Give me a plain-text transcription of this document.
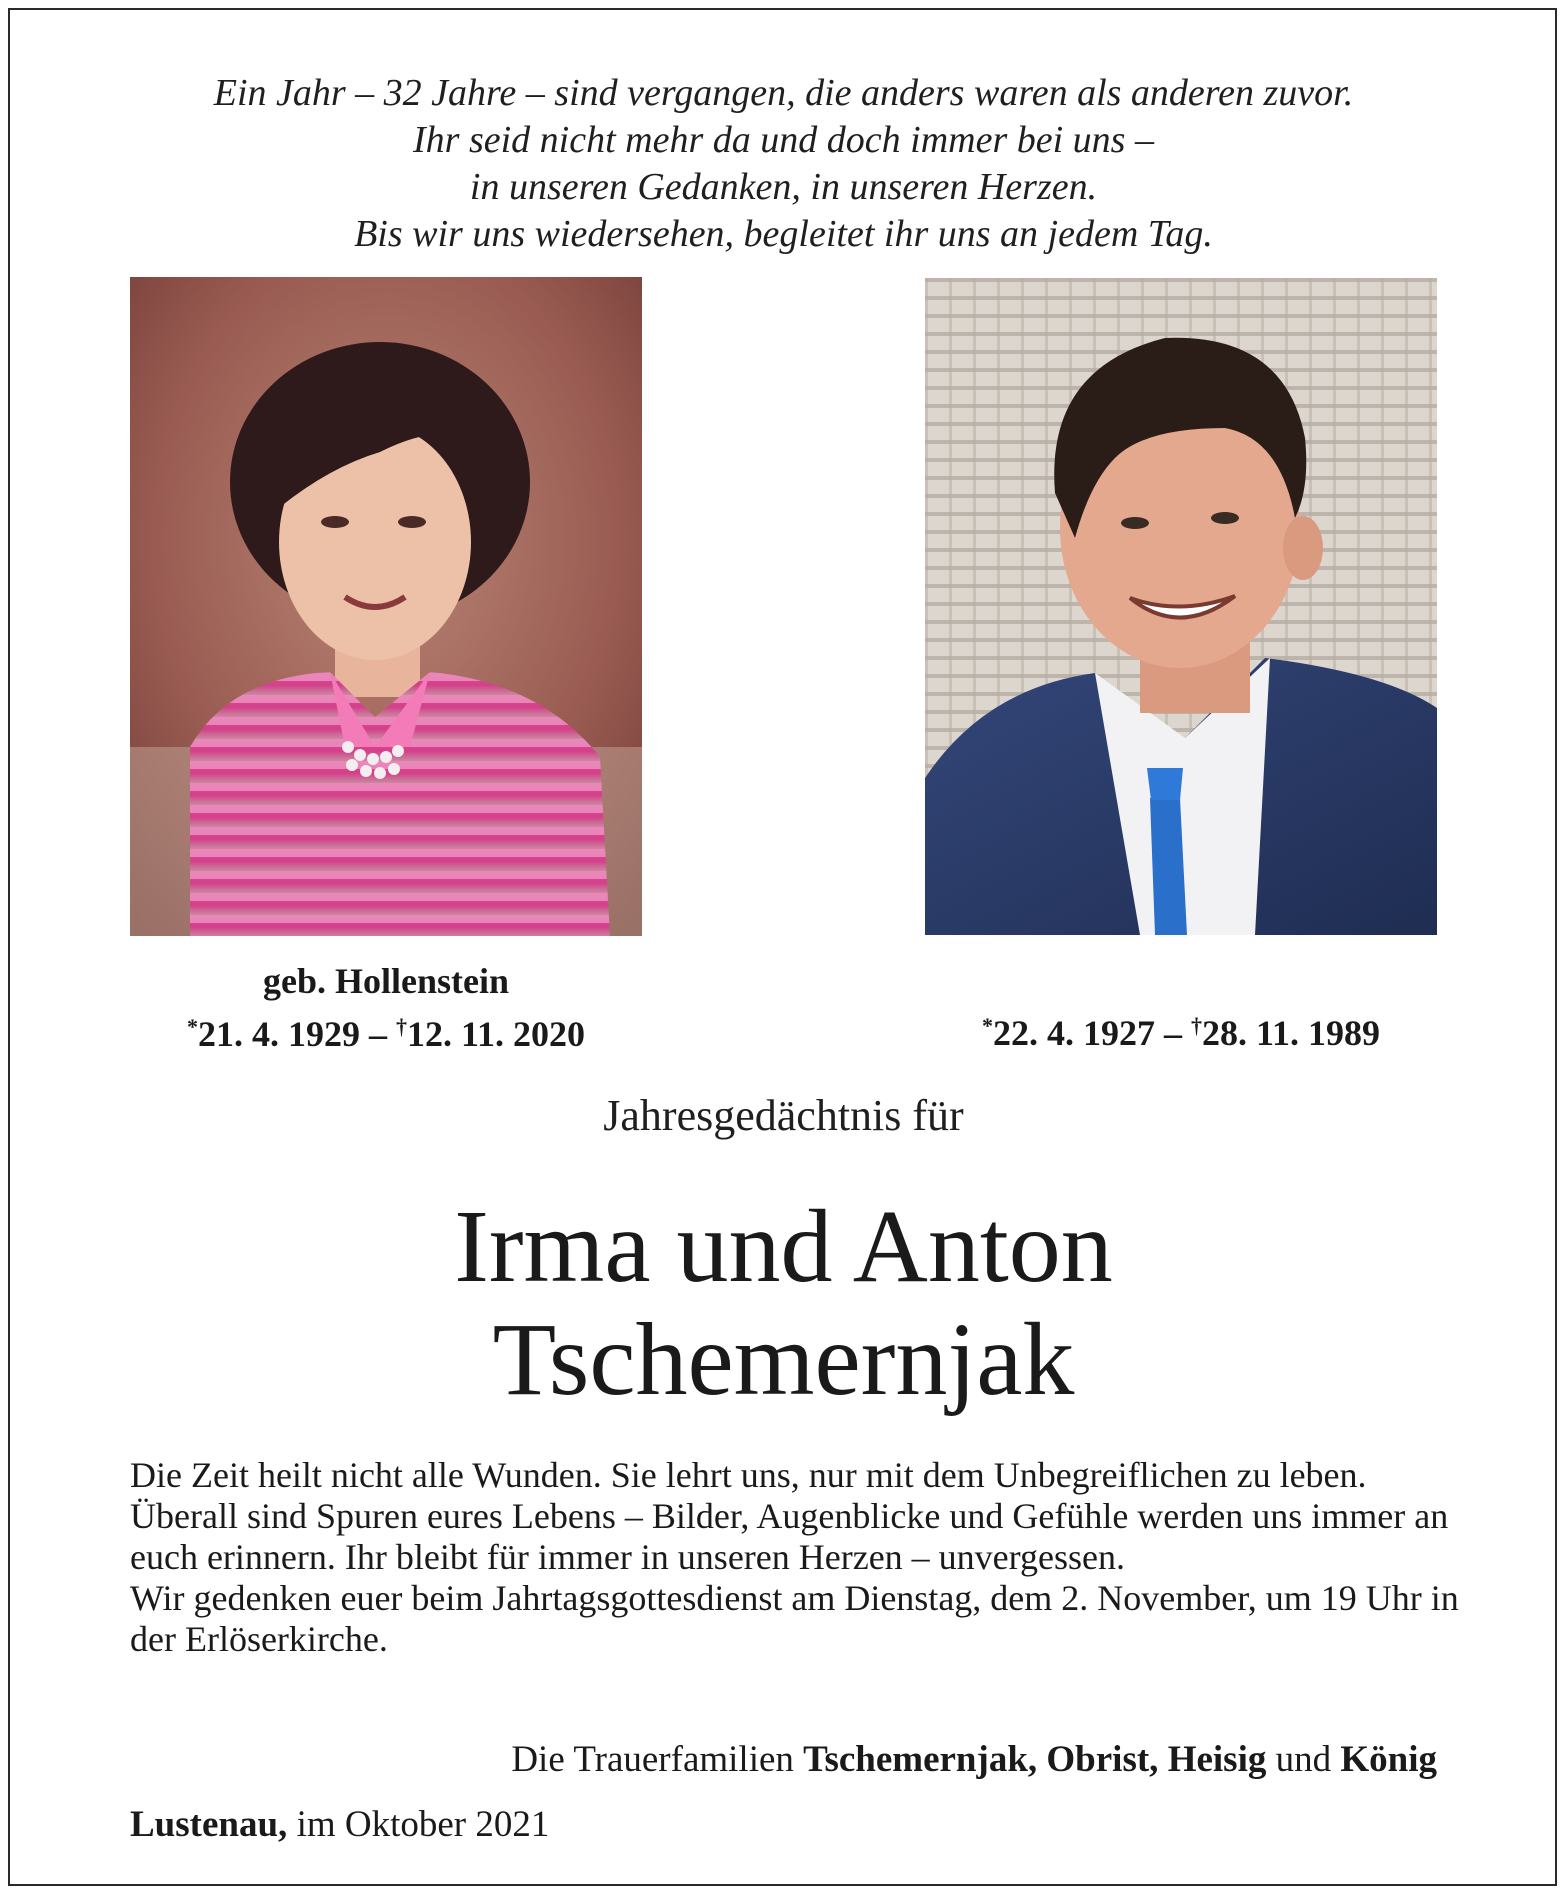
Ein Jahr – 32 Jahre – sind vergangen, die anders waren als anderen zuvor.
Ihr seid nicht mehr da und doch immer bei uns –
in unseren Gedanken, in unseren Herzen.
Bis wir uns wiedersehen, begleitet ihr uns an jedem Tag.
geb. Hollenstein
*21. 4. 1929 – †12. 11. 2020	*22. 4. 1927 – †28. 11. 1989
Jahresgedächtnis für
Irma und Anton
Tschemernjak

Die Zeit heilt nicht alle Wunden. Sie lehrt uns, nur mit dem Unbegreiflichen zu leben. Überall sind Spuren eures Lebens – Bilder, Augenblicke und Gefühle werden uns immer an euch erinnern. Ihr bleibt für immer in unseren Herzen – unvergessen.

Wir gedenken euer beim Jahrtagsgottesdienst am Dienstag, dem 2. November, um 19 Uhr in der Erlöserkirche.

Die Trauerfamilien Tschemernjak, Obrist, Heisig und König
Lustenau, im Oktober 2021
